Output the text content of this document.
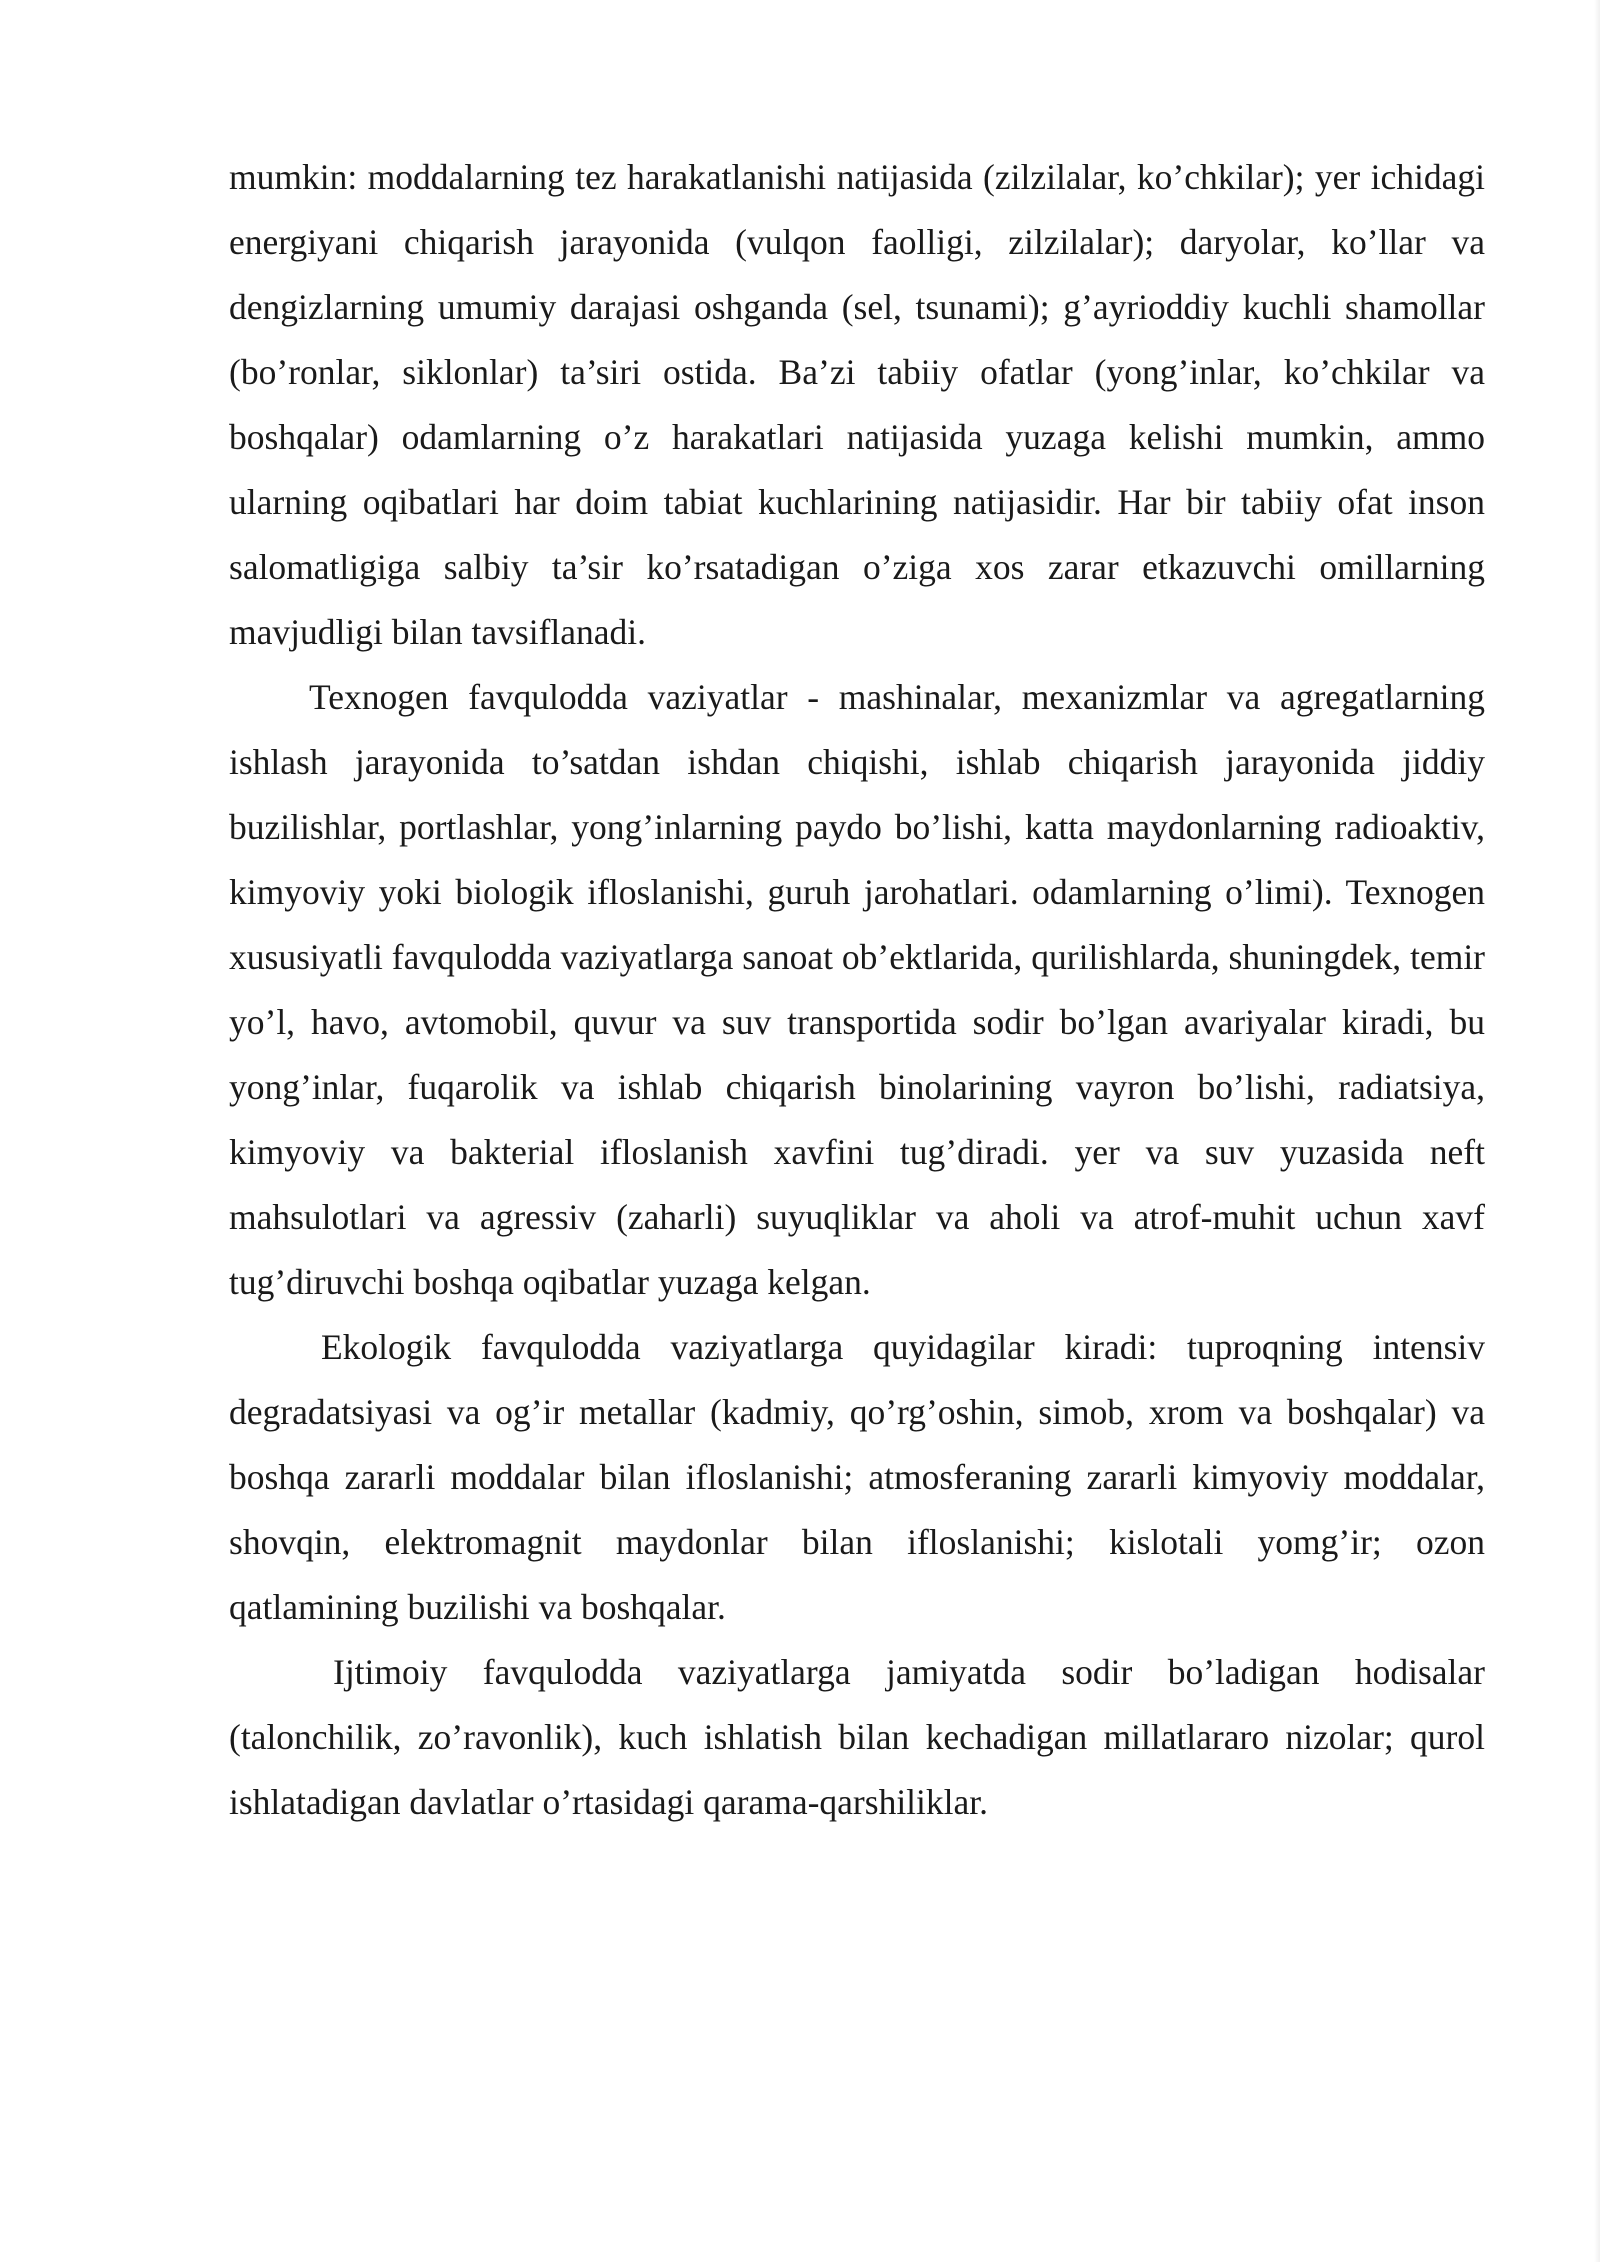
mumkin: moddalarning tez harakatlanishi natijasida (zilzilalar, ko’chkilar); yer ichidagi energiyani chiqarish jarayonida (vulqon faolligi, zilzilalar); daryolar, ko’llar va dengizlarning umumiy darajasi oshganda (sel, tsunami); g’ayrioddiy kuchli shamollar (bo’ronlar, siklonlar) ta’siri ostida. Ba’zi tabiiy ofatlar (yong’inlar, ko’chkilar va boshqalar) odamlarning o’z harakatlari natijasida yuzaga kelishi mumkin, ammo ularning oqibatlari har doim tabiat kuchlarining natijasidir. Har bir tabiiy ofat inson salomatligiga salbiy ta’sir ko’rsatadigan o’ziga xos zarar etkazuvchi omillarning mavjudligi bilan tavsiflanadi.

Texnogen favqulodda vaziyatlar - mashinalar, mexanizmlar va agregatlarning ishlash jarayonida to’satdan ishdan chiqishi, ishlab chiqarish jarayonida jiddiy buzilishlar, portlashlar, yong’inlarning paydo bo’lishi, katta maydonlarning radioaktiv, kimyoviy yoki biologik ifloslanishi, guruh jarohatlari. odamlarning o’limi). Texnogen xususiyatli favqulodda vaziyatlarga sanoat ob’ektlarida, qurilishlarda, shuningdek, temir yo’l, havo, avtomobil, quvur va suv transportida sodir bo’lgan avariyalar kiradi, bu yong’inlar, fuqarolik va ishlab chiqarish binolarining vayron bo’lishi, radiatsiya, kimyoviy va bakterial ifloslanish xavfini tug’diradi. yer va suv yuzasida neft mahsulotlari va agressiv (zaharli) suyuqliklar va aholi va atrof-muhit uchun xavf tug’diruvchi boshqa oqibatlar yuzaga kelgan.

Ekologik favqulodda vaziyatlarga quyidagilar kiradi: tuproqning intensiv degradatsiyasi va og’ir metallar (kadmiy, qo’rg’oshin, simob, xrom va boshqalar) va boshqa zararli moddalar bilan ifloslanishi; atmosferaning zararli kimyoviy moddalar, shovqin, elektromagnit maydonlar bilan ifloslanishi; kislotali yomg’ir; ozon qatlamining buzilishi va boshqalar.

Ijtimoiy favqulodda vaziyatlarga jamiyatda sodir bo’ladigan hodisalar (talonchilik, zo’ravonlik), kuch ishlatish bilan kechadigan millatlararo nizolar; qurol ishlatadigan davlatlar o’rtasidagi qarama-qarshiliklar.
